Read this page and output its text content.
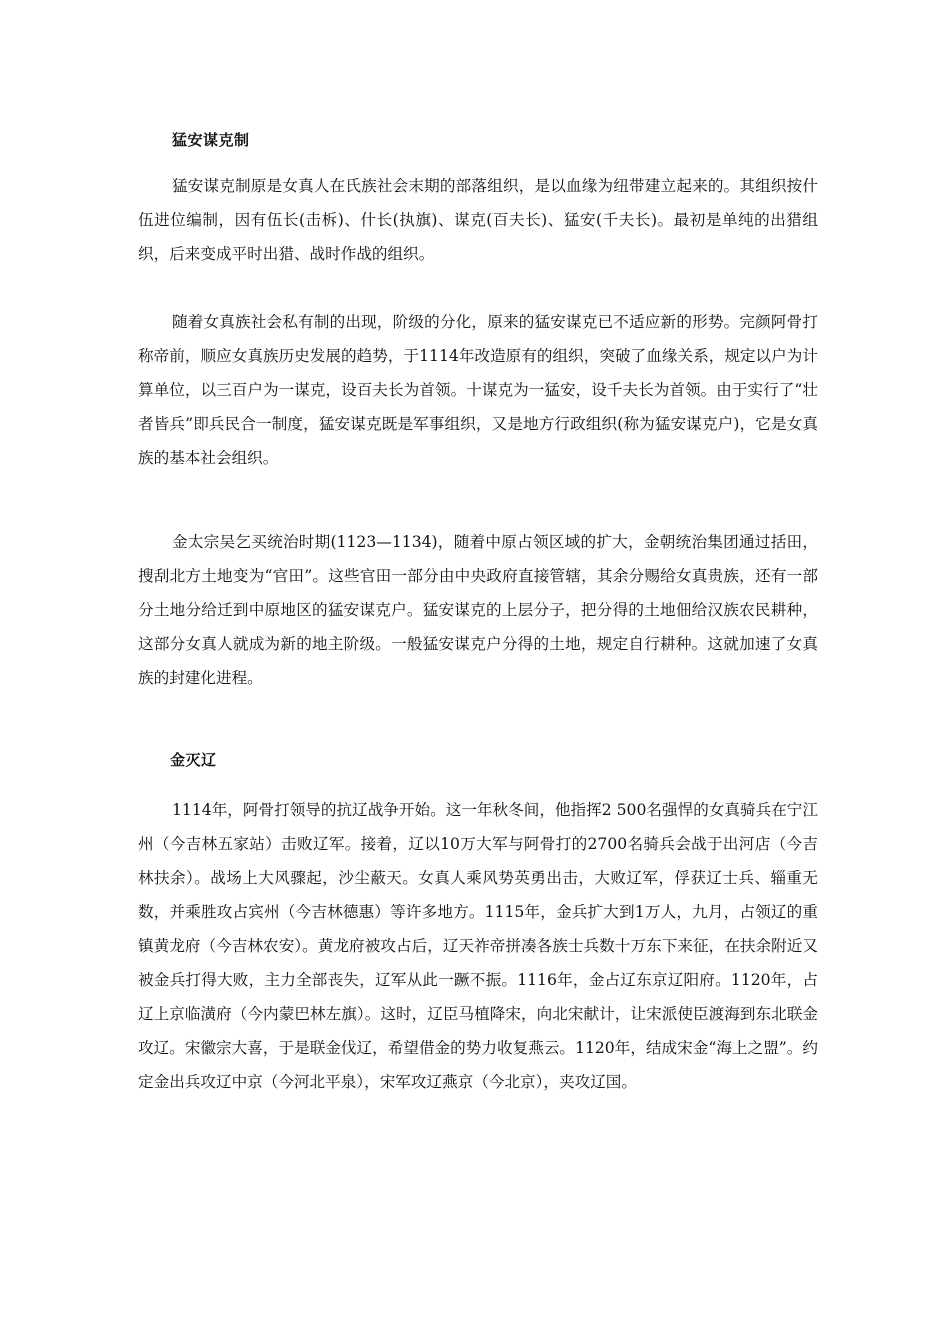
猛安谋克制

猛安谋克制原是女真人在氏族社会末期的部落组织，是以血缘为纽带建立起来的。其组织按什伍进位编制，因有伍长(击柝)、什长(执旗)、谋克(百夫长)、猛安(千夫长)。最初是单纯的出猎组织，后来变成平时出猎、战时作战的组织。

随着女真族社会私有制的出现，阶级的分化，原来的猛安谋克已不适应新的形势。完颜阿骨打称帝前，顺应女真族历史发展的趋势，于1114年改造原有的组织，突破了血缘关系，规定以户为计算单位，以三百户为一谋克，设百夫长为首领。十谋克为一猛安，设千夫长为首领。由于实行了“壮者皆兵”即兵民合一制度，猛安谋克既是军事组织，又是地方行政组织(称为猛安谋克户)，它是女真族的基本社会组织。

金太宗吴乞买统治时期(1123—1134)，随着中原占领区域的扩大，金朝统治集团通过括田，搜刮北方土地变为“官田”。这些官田一部分由中央政府直接管辖，其余分赐给女真贵族，还有一部分土地分给迁到中原地区的猛安谋克户。猛安谋克的上层分子，把分得的土地佃给汉族农民耕种，这部分女真人就成为新的地主阶级。一般猛安谋克户分得的土地，规定自行耕种。这就加速了女真族的封建化进程。

金灭辽

1114年，阿骨打领导的抗辽战争开始。这一年秋冬间，他指挥2 500名强悍的女真骑兵在宁江州（今吉林五家站）击败辽军。接着，辽以10万大军与阿骨打的2700名骑兵会战于出河店（今吉林扶余）。战场上大风骤起，沙尘蔽天。女真人乘风势英勇出击，大败辽军，俘获辽士兵、辎重无数，并乘胜攻占宾州（今吉林德惠）等许多地方。1115年，金兵扩大到1万人，九月，占领辽的重镇黄龙府（今吉林农安）。黄龙府被攻占后，辽天祚帝拼凑各族士兵数十万东下来征，在扶余附近又被金兵打得大败，主力全部丧失，辽军从此一蹶不振。1116年，金占辽东京辽阳府。1120年，占辽上京临潢府（今内蒙巴林左旗）。这时，辽臣马植降宋，向北宋献计，让宋派使臣渡海到东北联金攻辽。宋徽宗大喜，于是联金伐辽，希望借金的势力收复燕云。1120年，结成宋金“海上之盟”。约定金出兵攻辽中京（今河北平泉），宋军攻辽燕京（今北京），夹攻辽国。
